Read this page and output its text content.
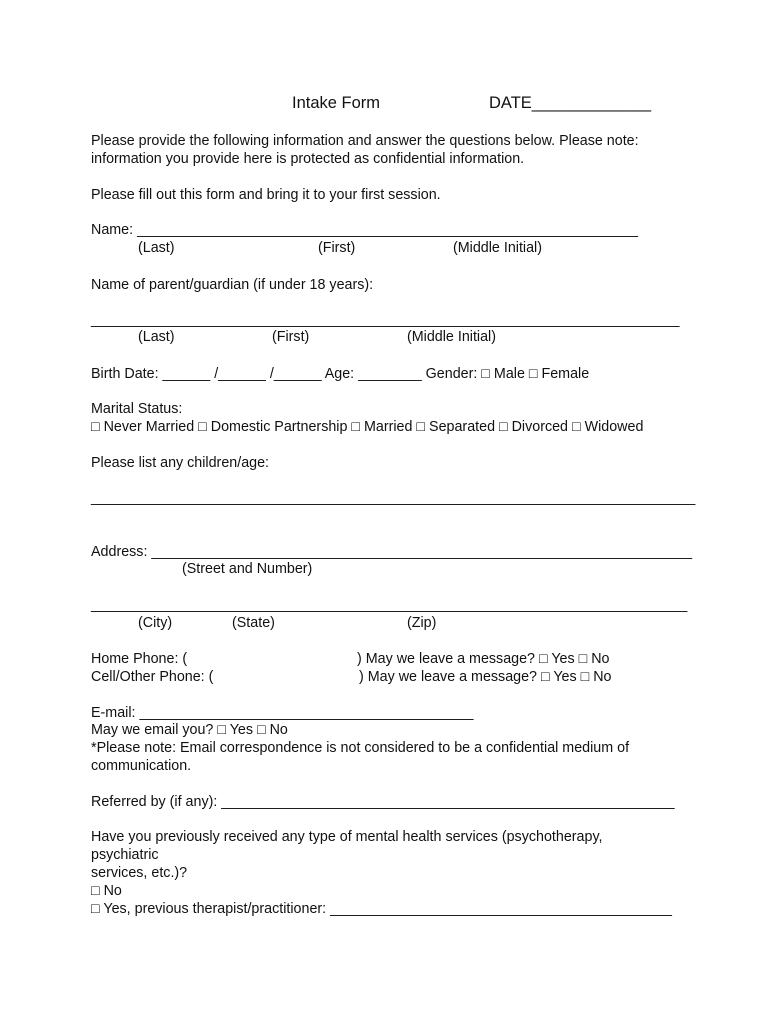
Intake Form	DATE_____________
Please provide the following information and answer the questions below. Please note:
information you provide here is protected as confidential information.
Please fill out this form and bring it to your first session.
Name: _______________________________________________________________
(Last)	(First)	(Middle Initial)
Name of parent/guardian (if under 18 years):
__________________________________________________________________________
(Last)	(First)	(Middle Initial)
Birth Date: ______ /______ /______ Age: ________ Gender: □ Male □ Female
Marital Status:
□ Never Married □ Domestic Partnership □ Married □ Separated □ Divorced □ Widowed
Please list any children/age:
____________________________________________________________________________
Address: ____________________________________________________________________
(Street and Number)
___________________________________________________________________________
(City)	(State)	(Zip)
Home Phone: (	) May we leave a message? □ Yes □ No
Cell/Other Phone: (	) May we leave a message? □ Yes □ No
E-mail: __________________________________________
May we email you? □ Yes □ No
*Please note: Email correspondence is not considered to be a confidential medium of
communication.
Referred by (if any): _________________________________________________________
Have you previously received any type of mental health services (psychotherapy,
psychiatric
services, etc.)?
□ No
□ Yes, previous therapist/practitioner: ___________________________________________
